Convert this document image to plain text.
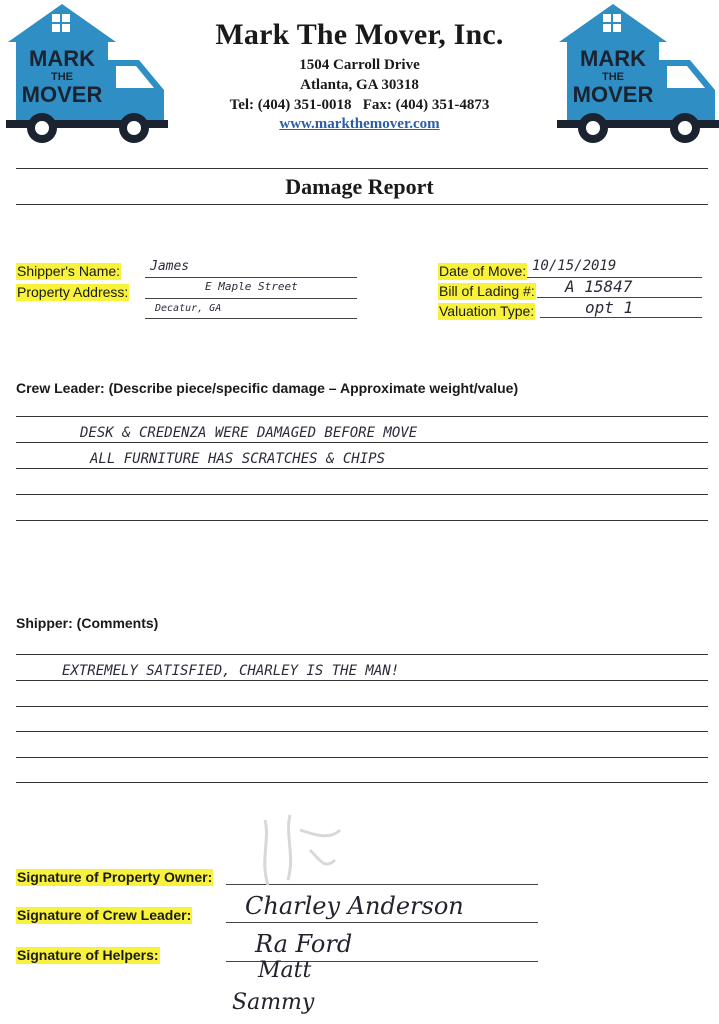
MARK
THE
MOVER
MARK
THE
MOVER
Mark The Mover, Inc.
1504 Carroll Drive
Atlanta, GA 30318
Tel: (404) 351-0018   Fax: (404) 351-4873
www.markthemover.com
Damage Report
Shipper's Name:
Property Address:
James
E Maple Street
Decatur, GA
Date of Move:
Bill of Lading #:
Valuation Type:
10/15/2019
A 15847
opt 1
Crew Leader: (Describe piece/specific damage – Approximate weight/value)
DESK & CREDENZA WERE DAMAGED BEFORE MOVE
ALL FURNITURE HAS SCRATCHES & CHIPS
Shipper: (Comments)
EXTREMELY SATISFIED, CHARLEY IS THE MAN!
Signature of Property Owner:
Signature of Crew Leader:
Signature of Helpers:
Charley Anderson
Ra Ford
Matt
Sammy
